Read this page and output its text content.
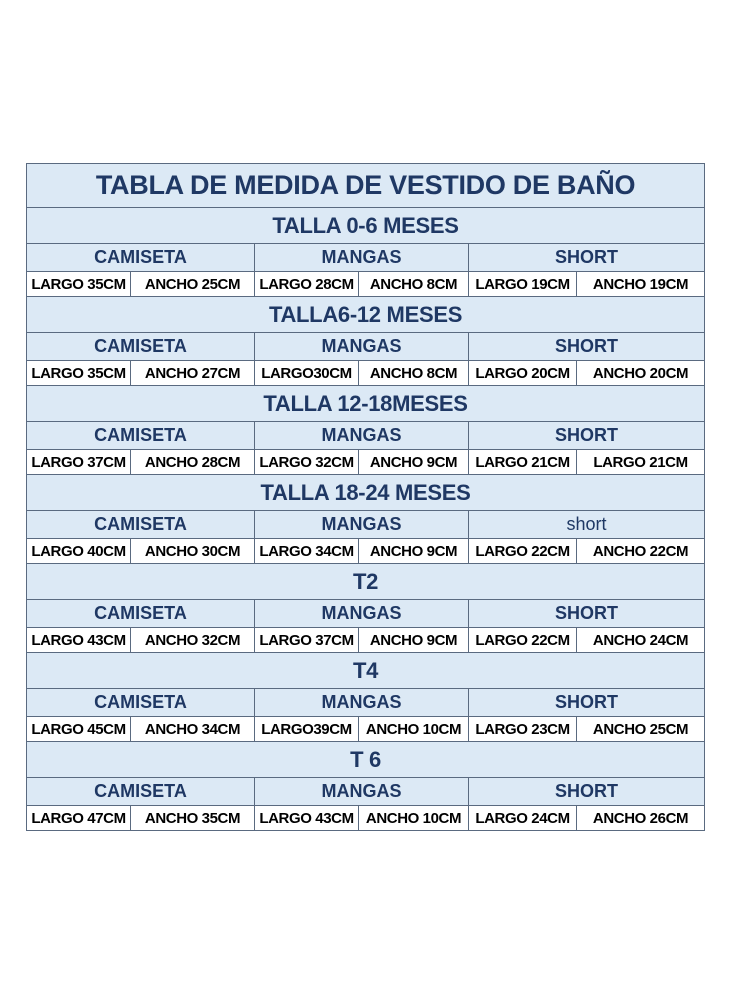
TABLA DE MEDIDA DE VESTIDO DE BAÑO					
TALLA 0-6 MESES					
CAMISETA		MANGAS		SHORT	
LARGO 35CM	ANCHO 25CM	LARGO 28CM	ANCHO 8CM	LARGO 19CM	ANCHO 19CM
TALLA6-12 MESES					
CAMISETA		MANGAS		SHORT	
LARGO 35CM	ANCHO 27CM	LARGO30CM	ANCHO 8CM	LARGO 20CM	ANCHO 20CM
TALLA 12-18MESES					
CAMISETA		MANGAS		SHORT	
LARGO 37CM	ANCHO 28CM	LARGO 32CM	ANCHO 9CM	LARGO 21CM	LARGO 21CM
TALLA 18-24 MESES					
CAMISETA		MANGAS		short	
LARGO 40CM	ANCHO 30CM	LARGO 34CM	ANCHO 9CM	LARGO 22CM	ANCHO 22CM
T2					
CAMISETA		MANGAS		SHORT	
LARGO 43CM	ANCHO 32CM	LARGO 37CM	ANCHO 9CM	LARGO 22CM	ANCHO 24CM
T4					
CAMISETA		MANGAS		SHORT	
LARGO 45CM	ANCHO 34CM	LARGO39CM	ANCHO 10CM	LARGO 23CM	ANCHO 25CM
T 6					
CAMISETA		MANGAS		SHORT	
LARGO 47CM	ANCHO 35CM	LARGO 43CM	ANCHO 10CM	LARGO 24CM	ANCHO 26CM
